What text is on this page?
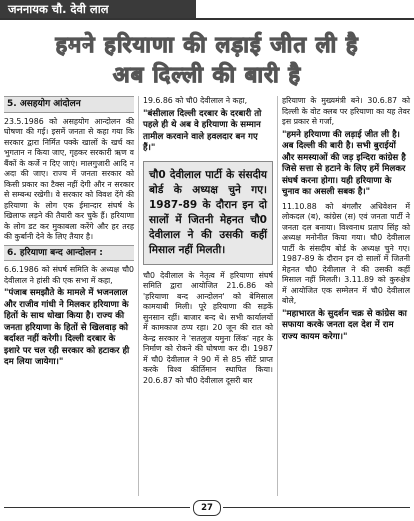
जननायक चौ. देवी लाल
हमने हरियाणा की लड़ाई जीत ली है
अब दिल्ली की बारी है
5. असहयोग आंदोलन

23.5.1986 को असहयोग आन्दोलन की घोषणा की गई। इसमें जनता से कहा गया कि सरकार द्वारा निर्मित पक्के खालों के खर्च का भुगतान न किया जाए, गृहकर सरकारी ऋण व बैंकों के कर्जे न दिए जाएं। मालगुजारी आदि न अदा की जाए। राज्य में जनता सरकार को किसी प्रकार का टैक्स नहीं देगी और न सरकार से सम्बन्ध रखेगी। वे सरकार को विवश देंगे की हरियाणा के लोग एक ईमान्दार संघर्ष के खिलाफ लड़ने की तैयारी कर चुके हैं। हरियाणा के लोग डट कर मुकाबला करेंगे और हर तरह की कुर्बानी देने के लिए तैयार है।

6. हरियाणा बन्द आन्दोलन :

6.6.1986 को संघर्ष समिति के अध्यक्ष चौ0 देवीलाल ने हांसी की एक सभा में कहा,

"पंजाब समझौते के मामले में भजनलाल और राजीव गांधी ने मिलकर हरियाणा के हितों के साथ धोखा किया है। राज्य की जनता हरियाणा के हितों से खिलवाड़ को बर्दाश्त नहीं करेगी। दिल्ली दरबार के इशारे पर चल रही सरकार को हटाकर ही दम लिया जायेगा।"

19.6.86 को चौ0 देवीलाल ने कहा,

"बंसीलाल दिल्ली दरबार के दरबारी तो पहले ही थे अब वे हरियाणा के सम्मान तामील करवाने वाले हवलदार बन गए हैं।"

चौ0 देवीलाल पार्टी के संसदीय बोर्ड के अध्यक्ष चुने गए। 1987-89 के दौरान इन दो सालों में जितनी मेहनत चौ0 देवीलाल ने की उसकी कहीं मिसाल नहीं मिलती।

चौ0 देवीलाल के नेतृत्व में हरियाणा संघर्ष समिति द्वारा आयोजित 21.6.86 को 'हरियाणा बन्द आन्दोलन' को बेमिसाल कामयाबी मिली। पूरे हरियाणा की सड़कें सुनसान रहीं। बाजार बन्द थे। सभी कार्यालयों में कामकाज ठप्प रहा। 20 जून की रात को केन्द्र सरकार ने 'सतलुज यमुना लिंक' नहर के निर्माण को रोकने की घोषणा कर दी। 1987 में चौ0 देवीलाल ने 90 में से 85 सीटें प्राप्त करके विश्व कीर्तिमान स्थापित किया। 20.6.87 को चौ0 देवीलाल दूसरी बार

हरियाणा के मुख्यमंत्री बने। 30.6.87 को दिल्ली के वोट क्लब पर हरियाणा का यह तेवर इस प्रकार से गर्जा,

"हमने हरियाणा की लड़ाई जीत ली है। अब दिल्ली की बारी है। सभी बुराईयों और समस्याओं की जड़ इन्दिरा कांग्रेस है जिसे सत्ता से हटाने के लिए हमें मिलकर संघर्ष करना होगा। यही हरियाणा के चुनाव का असली सबक है।"

11.10.88 को बंगलौर अधिवेशन में लोकदल (ब), कांग्रेस (स) एवं जनता पार्टी ने जनता दल बनाया। विश्वनाथ प्रताप सिंह को अध्यक्ष मनोनीत किया गया। चौ0 देवीलाल पार्टी के संसदीय बोर्ड के अध्यक्ष चुने गए। 1987-89 के दौरान इन दो सालों में जितनी मेहनत चौ0 देवीलाल ने की उसकी कहीं मिसाल नहीं मिलती। 3.11.89 को कुरुक्षेत्र में आयोजित एक सम्मेलन में चौ0 देवीलाल बोले,

"महाभारत के सुदर्शन चक्र से कांग्रेस का सफाया करके जनता दल देश में राम राज्य कायम करेगा।"

27
